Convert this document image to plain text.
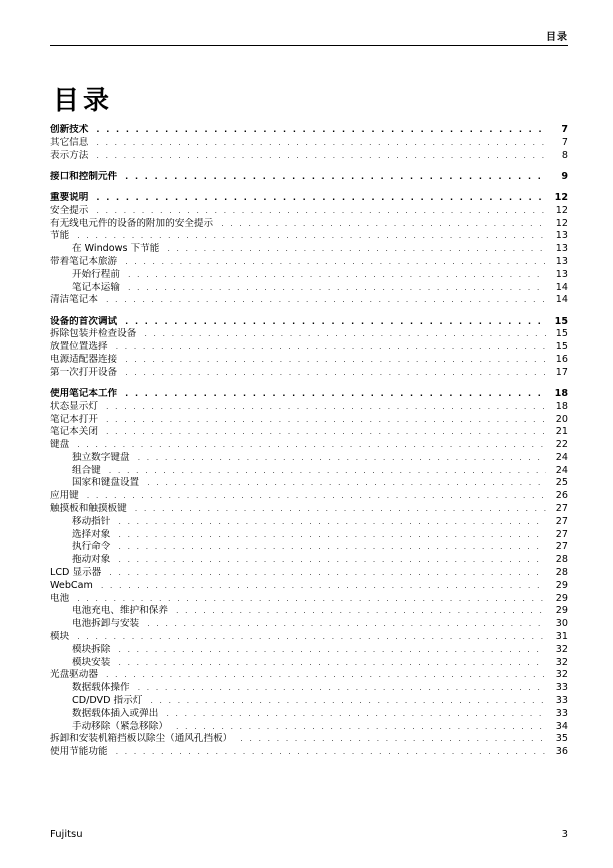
目录
目录
创新技术 . . .	7
其它信息 . . .	7
表示方法 . . .	8
接口和控制元件 . . .	9
重要说明 . . .	12
安全提示 . . .	12
有无线电元件的设备的附加的安全提示 . . .	12
节能 . . .	13
在 Windows 下节能 . . .	13
带着笔记本旅游 . . .	13
开始行程前 . . .	13
笔记本运输 . . .	14
清洁笔记本 . . .	14
设备的首次调试 . . .	15
拆除包装并检查设备 . . .	15
放置位置选择 . . .	15
电源适配器连接 . . .	16
第一次打开设备 . . .	17
使用笔记本工作 . . .	18
状态显示灯 . . .	18
笔记本打开 . . .	20
笔记本关闭 . . .	21
键盘 . . .	22
独立数字键盘 . . .	24
组合键 . . .	24
国家和键盘设置 . . .	25
应用键 . . .	26
触摸板和触摸板键 . . .	27
移动指针 . . .	27
选择对象 . . .	27
执行命令 . . .	27
拖动对象 . . .	28
LCD 显示器 . . .	28
WebCam . . .	29
电池 . . .	29
电池充电、维护和保养 . . .	29
电池拆卸与安装 . . .	30
模块 . . .	31
模块拆除 . . .	32
模块安装 . . .	32
光盘驱动器 . . .	32
数据载体操作 . . .	33
CD/DVD 指示灯 . . .	33
数据载体插入或弹出 . . .	33
手动移除（紧急移除） . . .	34
拆卸和安装机箱挡板以除尘（通风孔挡板） . . .	35
使用节能功能 . . .	36
Fujitsu	3
